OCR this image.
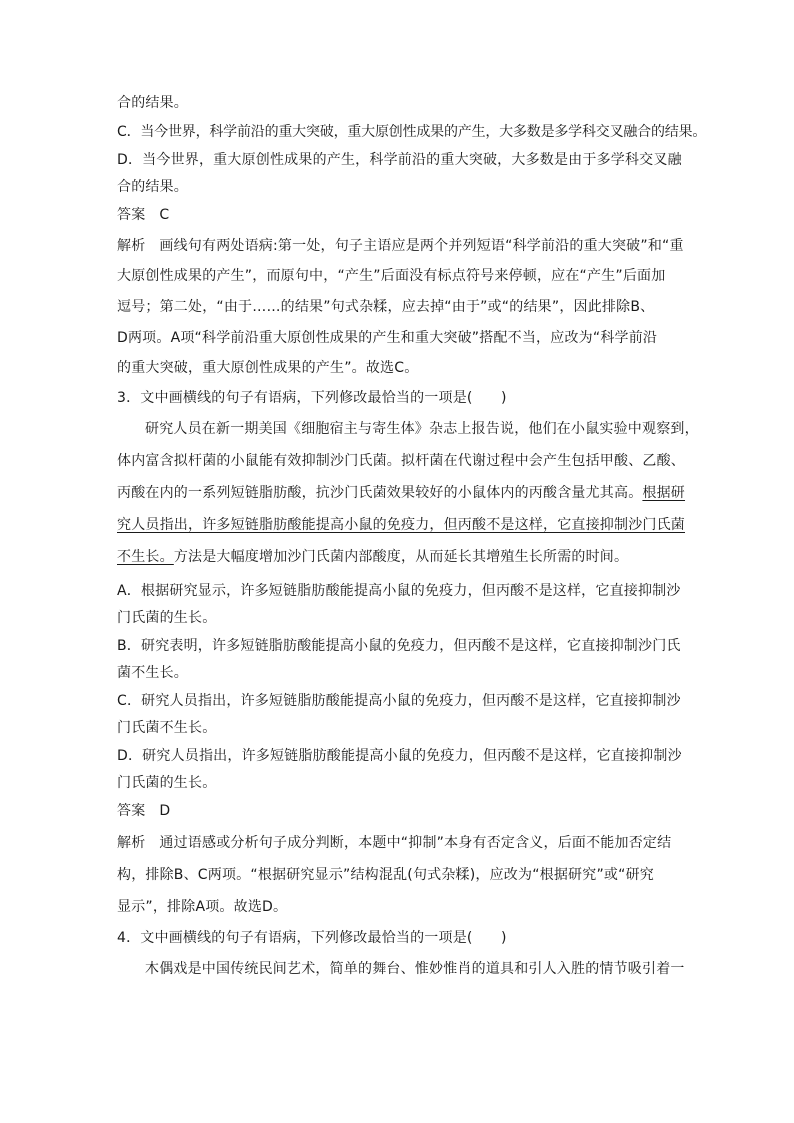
合的结果。
C．当今世界，科学前沿的重大突破，重大原创性成果的产生，大多数是多学科交叉融合的结果。
D．当今世界，重大原创性成果的产生，科学前沿的重大突破，大多数是由于多学科交叉融
合的结果。
答案 C
解析 画线句有两处语病:第一处，句子主语应是两个并列短语“科学前沿的重大突破”和“重
大原创性成果的产生”，而原句中，“产生”后面没有标点符号来停顿，应在“产生”后面加
逗号；第二处，“由于……的结果”句式杂糅，应去掉“由于”或“的结果”，因此排除B、
D两项。A项“科学前沿重大原创性成果的产生和重大突破”搭配不当，应改为“科学前沿
的重大突破，重大原创性成果的产生”。故选C。
3．文中画横线的句子有语病，下列修改最恰当的一项是(　　)
研究人员在新一期美国《细胞宿主与寄生体》杂志上报告说，他们在小鼠实验中观察到，
体内富含拟杆菌的小鼠能有效抑制沙门氏菌。拟杆菌在代谢过程中会产生包括甲酸、乙酸、
丙酸在内的一系列短链脂肪酸，抗沙门氏菌效果较好的小鼠体内的丙酸含量尤其高。根据研
究人员指出，许多短链脂肪酸能提高小鼠的免疫力，但丙酸不是这样，它直接抑制沙门氏菌
不生长。方法是大幅度增加沙门氏菌内部酸度，从而延长其增殖生长所需的时间。
A．根据研究显示，许多短链脂肪酸能提高小鼠的免疫力，但丙酸不是这样，它直接抑制沙
门氏菌的生长。
B．研究表明，许多短链脂肪酸能提高小鼠的免疫力，但丙酸不是这样，它直接抑制沙门氏
菌不生长。
C．研究人员指出，许多短链脂肪酸能提高小鼠的免疫力，但丙酸不是这样，它直接抑制沙
门氏菌不生长。
D．研究人员指出，许多短链脂肪酸能提高小鼠的免疫力，但丙酸不是这样，它直接抑制沙
门氏菌的生长。
答案 D
解析 通过语感或分析句子成分判断，本题中“抑制”本身有否定含义，后面不能加否定结
构，排除B、C两项。“根据研究显示”结构混乱(句式杂糅)，应改为“根据研究”或“研究
显示”，排除A项。故选D。
4．文中画横线的句子有语病，下列修改最恰当的一项是(　　)
木偶戏是中国传统民间艺术，简单的舞台、惟妙惟肖的道具和引人入胜的情节吸引着一
